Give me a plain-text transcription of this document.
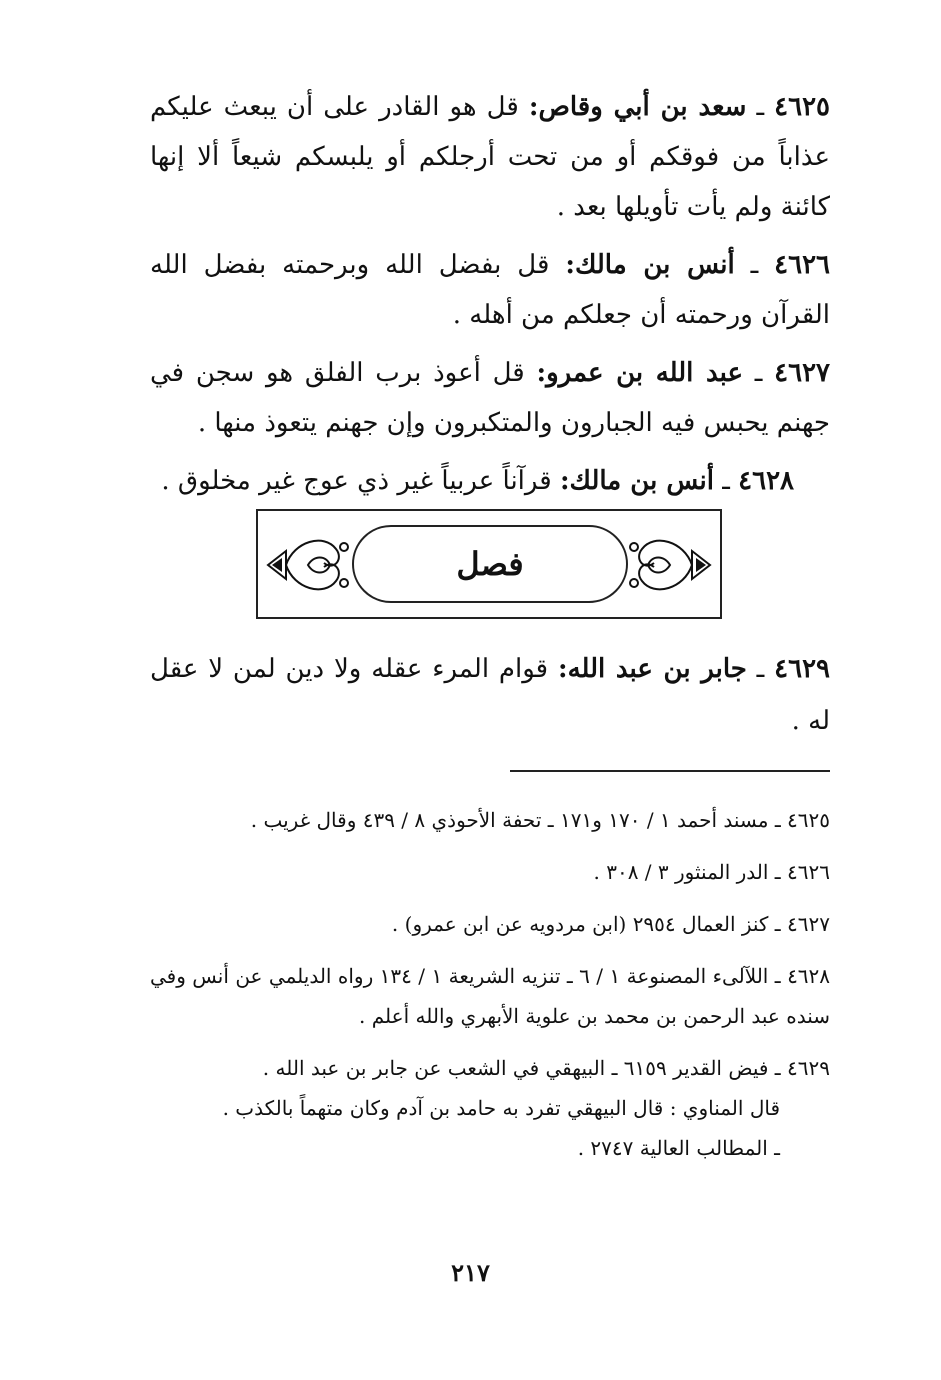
٤٦٢٥ ـ سعد بن أبي وقاص: قل هو القادر على أن يبعث عليكم عذاباً من فوقكم أو من تحت أرجلكم أو يلبسكم شيعاً ألا إنها كائنة ولم يأت تأويلها بعد .

٤٦٢٦ ـ أنس بن مالك: قل بفضل الله وبرحمته بفضل الله القرآن ورحمته أن جعلكم من أهله .

٤٦٢٧ ـ عبد الله بن عمرو: قل أعوذ برب الفلق هو سجن في جهنم يحبس فيه الجبارون والمتكبرون وإن جهنم يتعوذ منها .

٤٦٢٨ ـ أنس بن مالك: قرآناً عربياً غير ذي عوج غير مخلوق .

فصل

٤٦٢٩ ـ جابر بن عبد الله: قوام المرء عقله ولا دين لمن لا عقل له .

٤٦٢٥ ـ مسند أحمد ١ / ١٧٠ و١٧١ ـ تحفة الأحوذي ٨ / ٤٣٩ وقال غريب .

٤٦٢٦ ـ الدر المنثور ٣ / ٣٠٨ .

٤٦٢٧ ـ كنز العمال ٢٩٥٤ (ابن مردويه عن ابن عمرو) .

٤٦٢٨ ـ اللآلىء المصنوعة ١ / ٦ ـ تنزيه الشريعة ١ / ١٣٤ رواه الديلمي عن أنس وفي سنده عبد الرحمن بن محمد بن علوية الأبهري والله أعلم .

٤٦٢٩ ـ فيض القدير ٦١٥٩ ـ البيهقي في الشعب عن جابر بن عبد الله .

قال المناوي : قال البيهقي تفرد به حامد بن آدم وكان متهماً بالكذب .

ـ المطالب العالية ٢٧٤٧ .

٢١٧
